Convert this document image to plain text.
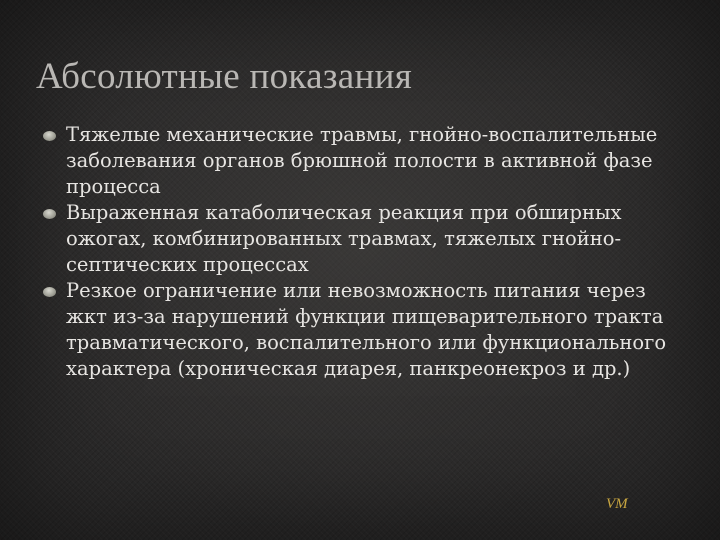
Абсолютные показания
Тяжелые механические травмы, гнойно-воспалительные заболевания органов брюшной полости в активной фазе процесса
Выраженная катаболическая реакция при обширных ожогах, комбинированных травмах, тяжелых гнойно-септических процессах
Резкое ограничение или невозможность питания через жкт из-за нарушений функции пищеварительного тракта травматического, воспалительного или функционального характера (хроническая диарея, панкреонекроз и др.)
VM
